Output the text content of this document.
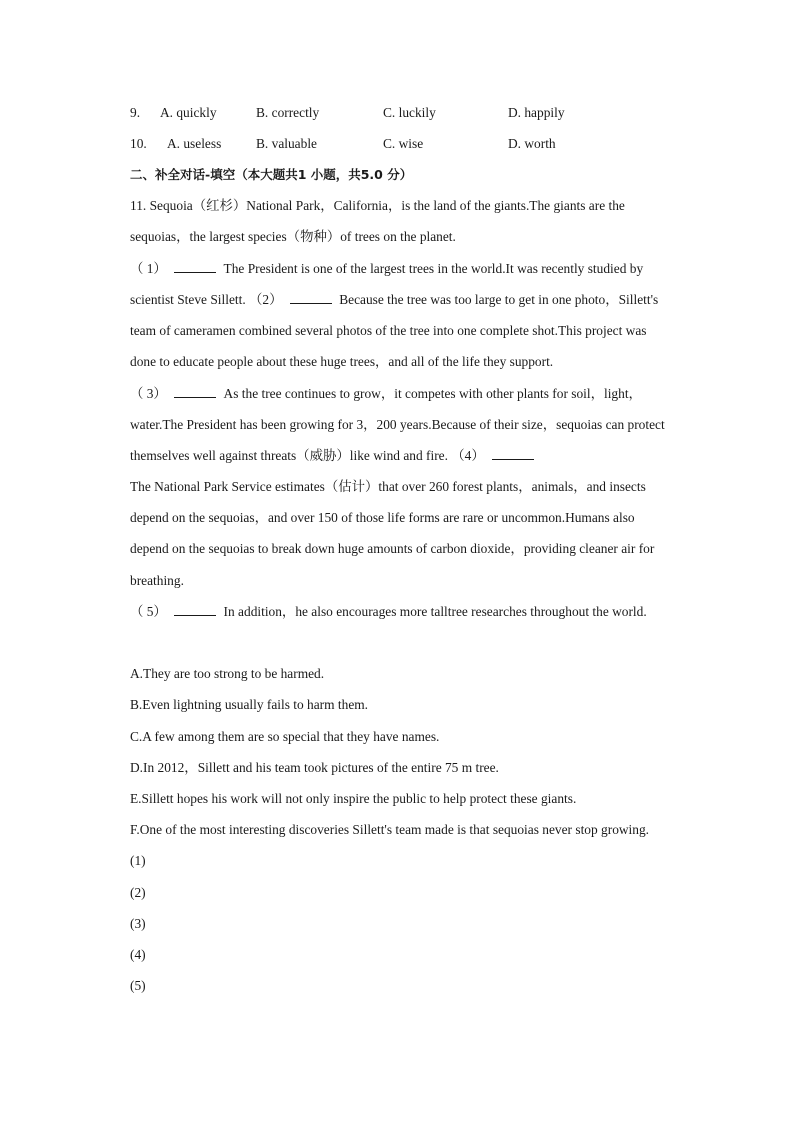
9. A. quickly	B. correctly	C. luckily	D. happily
10. A. useless	B. valuable	C. wise	D. worth
二、补全对话-填空（本大题共1 小题，共5.0 分）
11. Sequoia（红杉）National Park，California，is the land of the giants.The giants are the
sequoias，the largest species（物种）of trees on the planet.
（ 1）	The President is one of the largest trees in the world.It was recently studied by
scientist Steve Sillett. （2）	Because the tree was too large to get in one photo，Sillett's
team of cameramen combined several photos of the tree into one complete shot.This project was
done to educate people about these huge trees，and all of the life they support.
（ 3）	As the tree continues to grow，it competes with other plants for soil，light，
water.The President has been growing for 3，200 years.Because of their size，sequoias can protect
themselves well against threats（威胁）like wind and fire. （4）
The National Park Service estimates（估计）that over 260 forest plants，animals，and insects
depend on the sequoias，and over 150 of those life forms are rare or uncommon.Humans also
depend on the sequoias to break down huge amounts of carbon dioxide，providing cleaner air for
breathing.
（ 5）	In addition，he also encourages more talltree researches throughout the world.
A.They are too strong to be harmed.
B.Even lightning usually fails to harm them.
C.A few among them are so special that they have names.
D.In 2012，Sillett and his team took pictures of the entire 75 m tree.
E.Sillett hopes his work will not only inspire the public to help protect these giants.
F.One of the most interesting discoveries Sillett's team made is that sequoias never stop growing.
(1)
(2)
(3)
(4)
(5)
